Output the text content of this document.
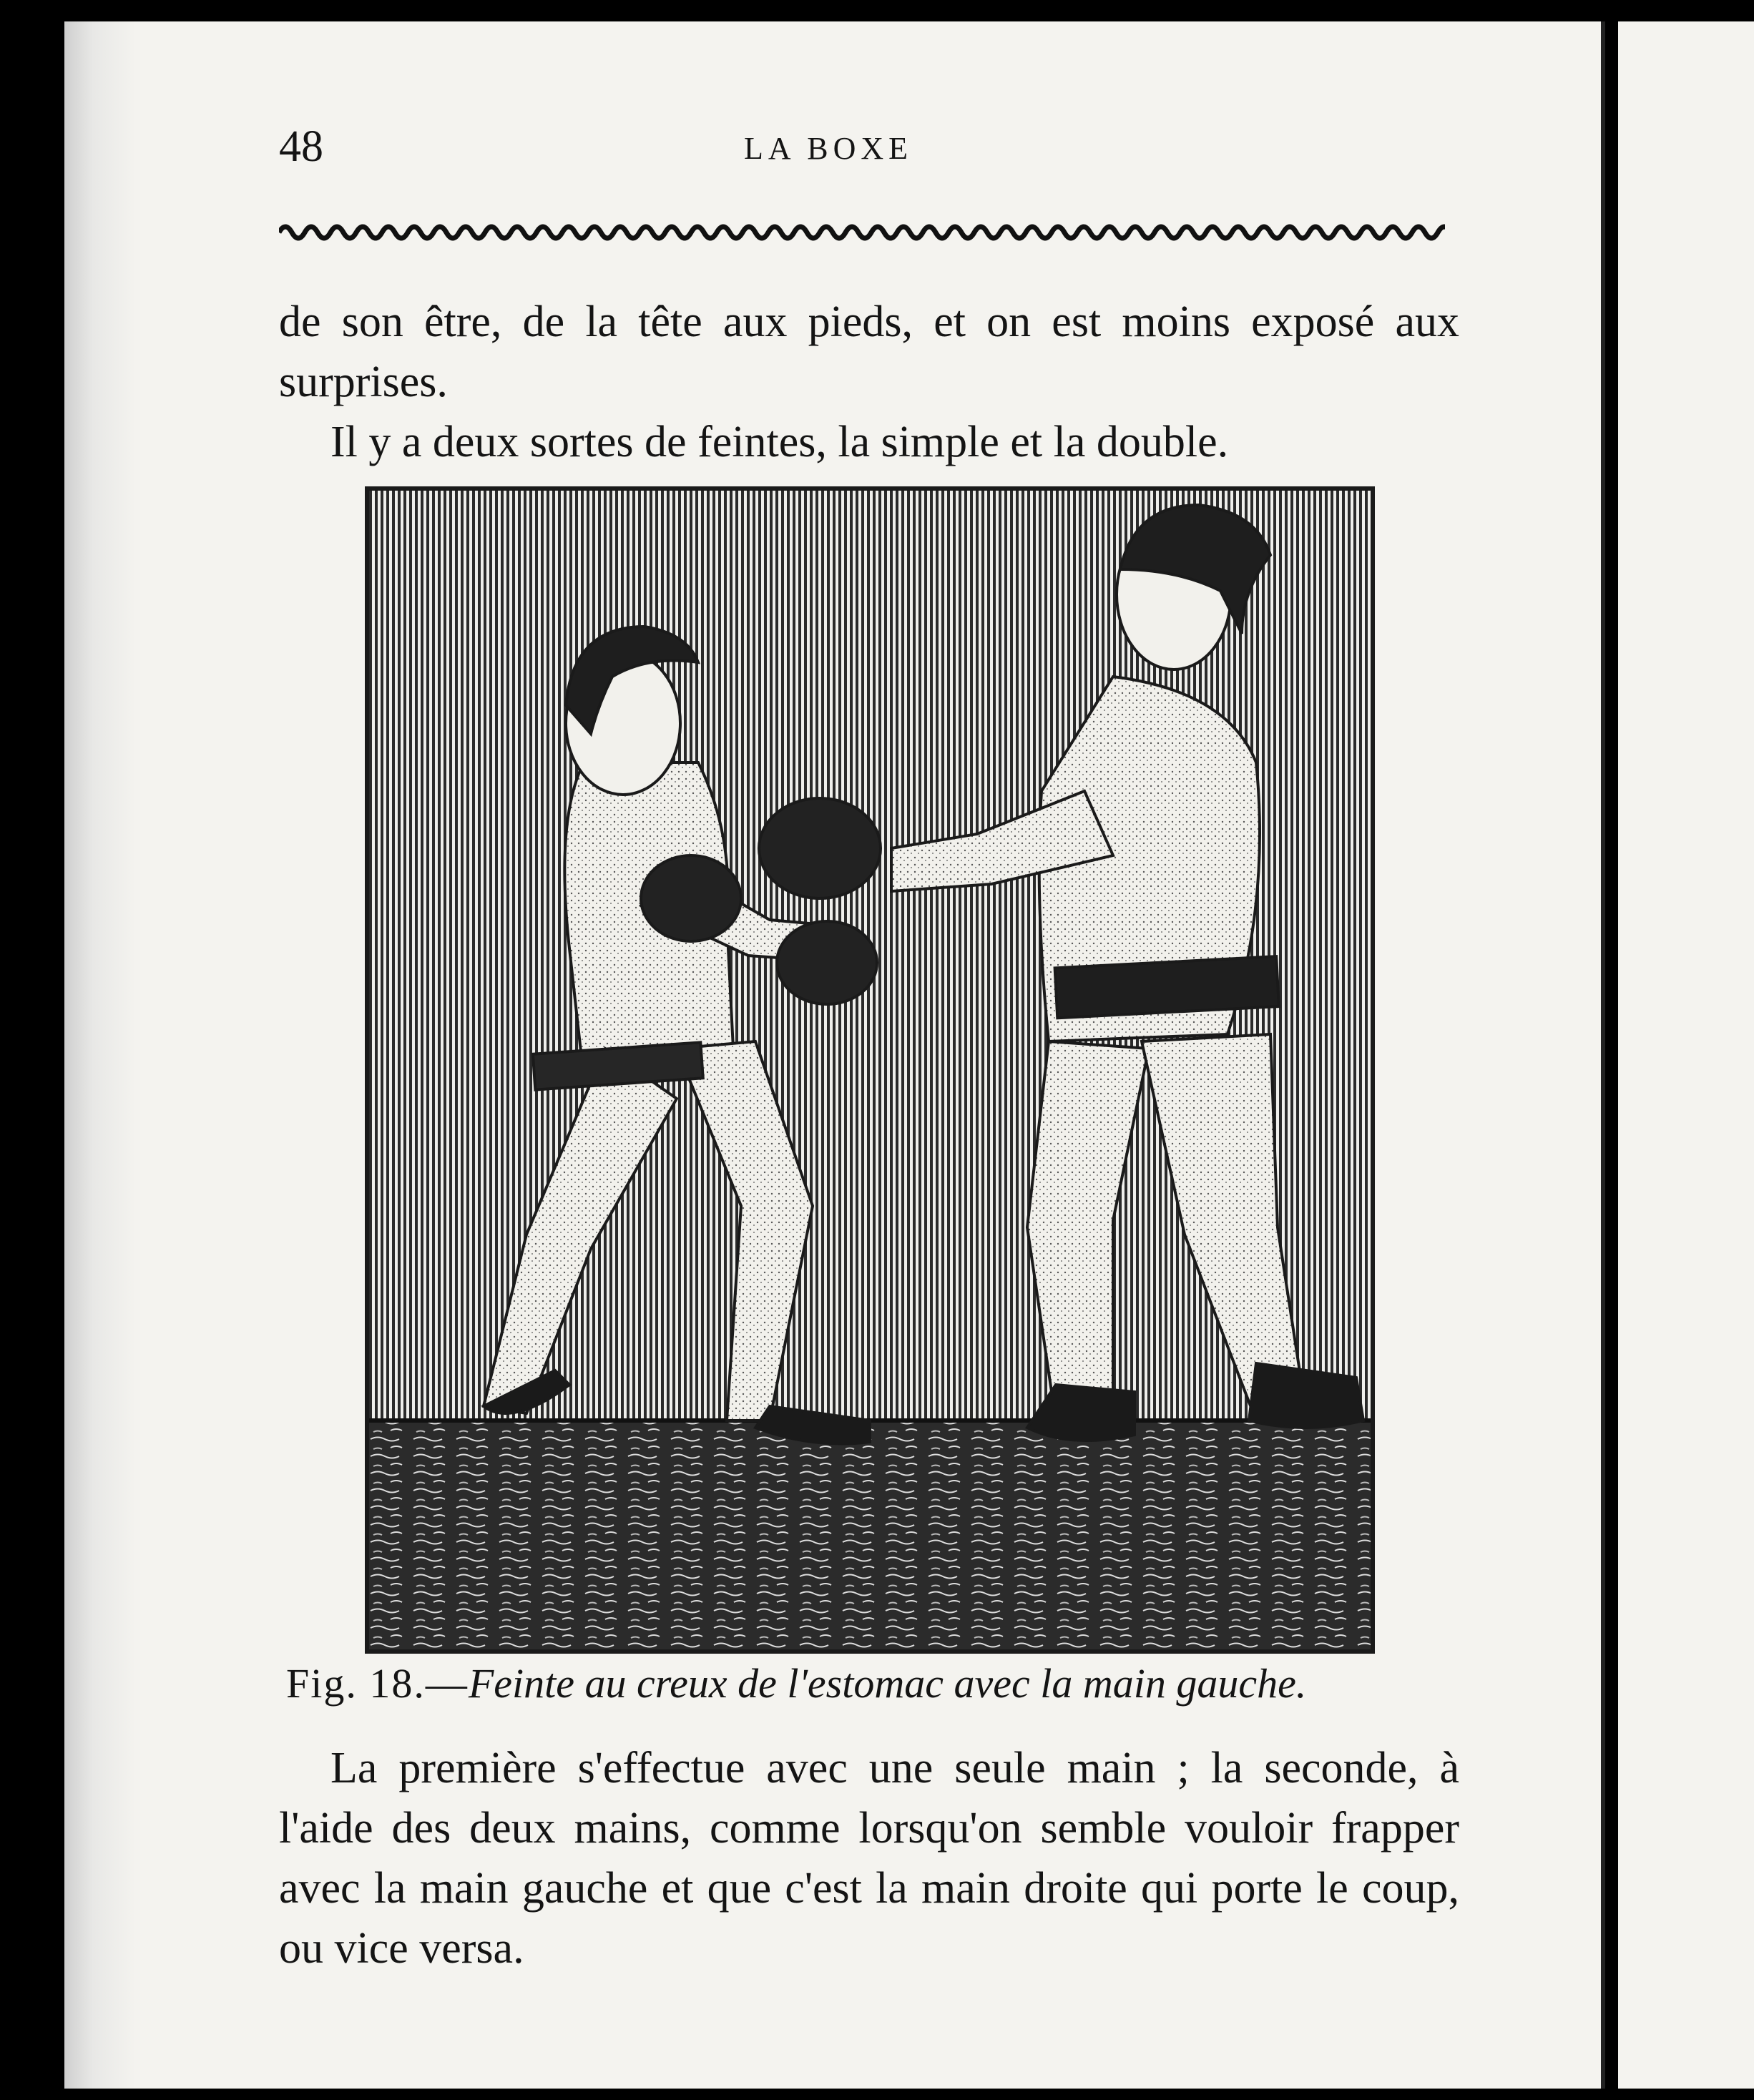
48	LA BOXE

de son être, de la tête aux pieds, et on est moins exposé aux surprises.

Il y a deux sortes de feintes, la simple et la double.

Fig. 18.—Feinte au creux de l'estomac avec la main gauche.

La première s'effectue avec une seule main ; la seconde, à l'aide des deux mains, comme lorsqu'on semble vouloir frapper avec la main gauche et que c'est la main droite qui porte le coup, ou vice versa.
